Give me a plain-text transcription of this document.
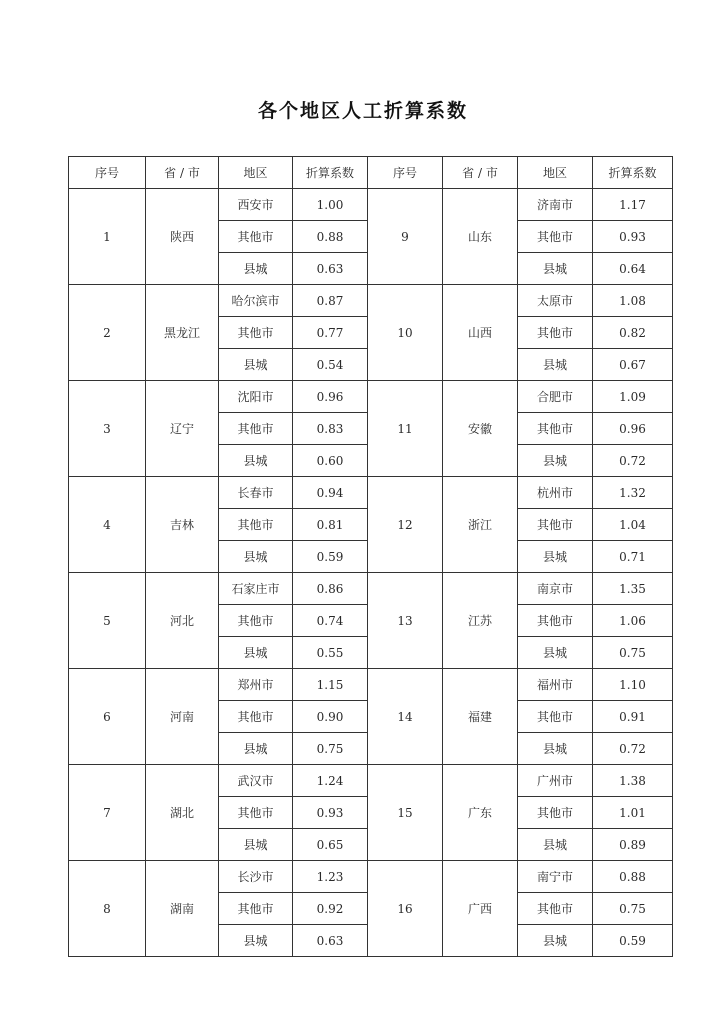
各个地区人工折算系数
序号	省 / 市	地区	折算系数	序号	省 / 市	地区	折算系数
1	陕西	西安市	1.00	9	山东	济南市	1.17
		其他市	0.88			其他市	0.93
		县城	0.63			县城	0.64
2	黑龙江	哈尔滨市	0.87	10	山西	太原市	1.08
		其他市	0.77			其他市	0.82
		县城	0.54			县城	0.67
3	辽宁	沈阳市	0.96	11	安徽	合肥市	1.09
		其他市	0.83			其他市	0.96
		县城	0.60			县城	0.72
4	吉林	长春市	0.94	12	浙江	杭州市	1.32
		其他市	0.81			其他市	1.04
		县城	0.59			县城	0.71
5	河北	石家庄市	0.86	13	江苏	南京市	1.35
		其他市	0.74			其他市	1.06
		县城	0.55			县城	0.75
6	河南	郑州市	1.15	14	福建	福州市	1.10
		其他市	0.90			其他市	0.91
		县城	0.75			县城	0.72
7	湖北	武汉市	1.24	15	广东	广州市	1.38
		其他市	0.93			其他市	1.01
		县城	0.65			县城	0.89
8	湖南	长沙市	1.23	16	广西	南宁市	0.88
		其他市	0.92			其他市	0.75
		县城	0.63			县城	0.59
